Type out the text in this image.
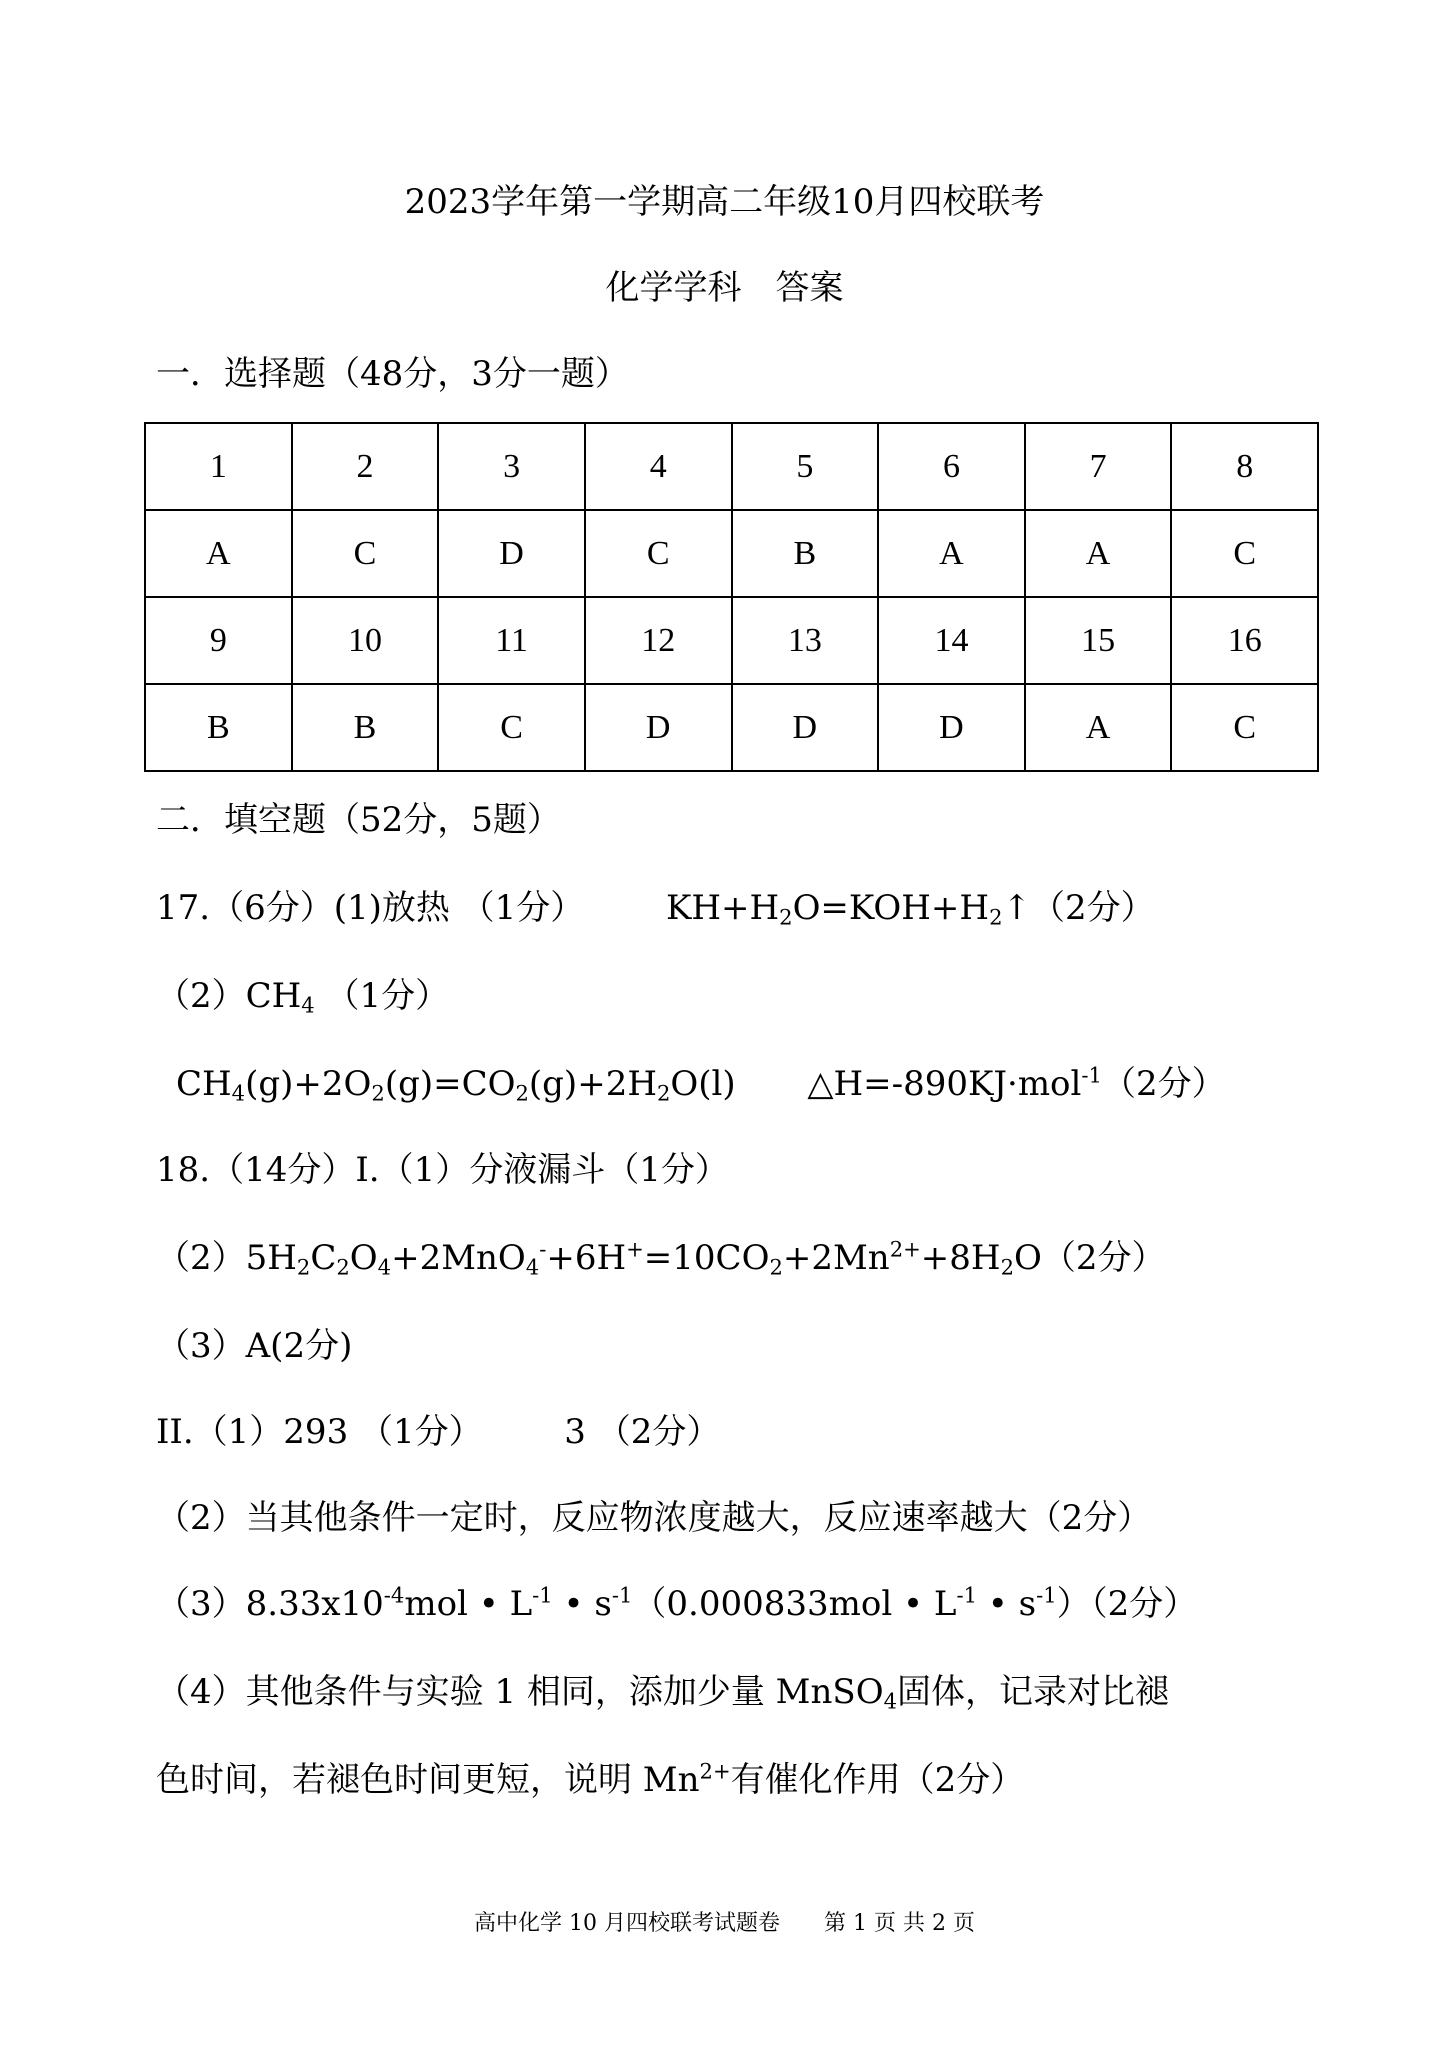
2023学年第一学期高二年级10月四校联考
化学学科　答案
一．选择题（48分，3分一题）
1	2	3	4	5	6	7	8
A	C	D	C	B	A	A	C
9	10	11	12	13	14	15	16
B	B	C	D	D	D	A	C
二．填空题（52分，5题）
17.（6分）(1)放热 （1分） $KH+H_2O=KOH+H_2↑(2$分）
$(2)CH_4$ （1分）
$CH_4(g)+2O_2(g)=CO_2(g)+2H_2O(l)$ △H=-890KJ·mol$^{-1}$（2分）
18.（14分）I.（1）分液漏斗（1分）
$(2)5H_2C_2O_4+2MnO_4^-+6H^+=10CO_2+2Mn^{2+}+8H_2O(2$分）
（3）A(2分)
II.（1）293 （1分） 3 （2分）
（2）当其他条件一定时，反应物浓度越大，反应速率越大（2分）
$(3)8.33x10^{-4}mol$ • $L^{-1}$ • $s^{-1}(0.000833mol$ • $L^{-1}$ • $s^{-1})(2$分）
（4）其他条件与实验 1 相同，添加少量 MnSO$_4$固体，记录对比褪
色时间，若褪色时间更短，说明 $Mn^{2+}$有催化作用（2分）
高中化学 10 月四校联考试题卷　　第 1 页 共 2 页
